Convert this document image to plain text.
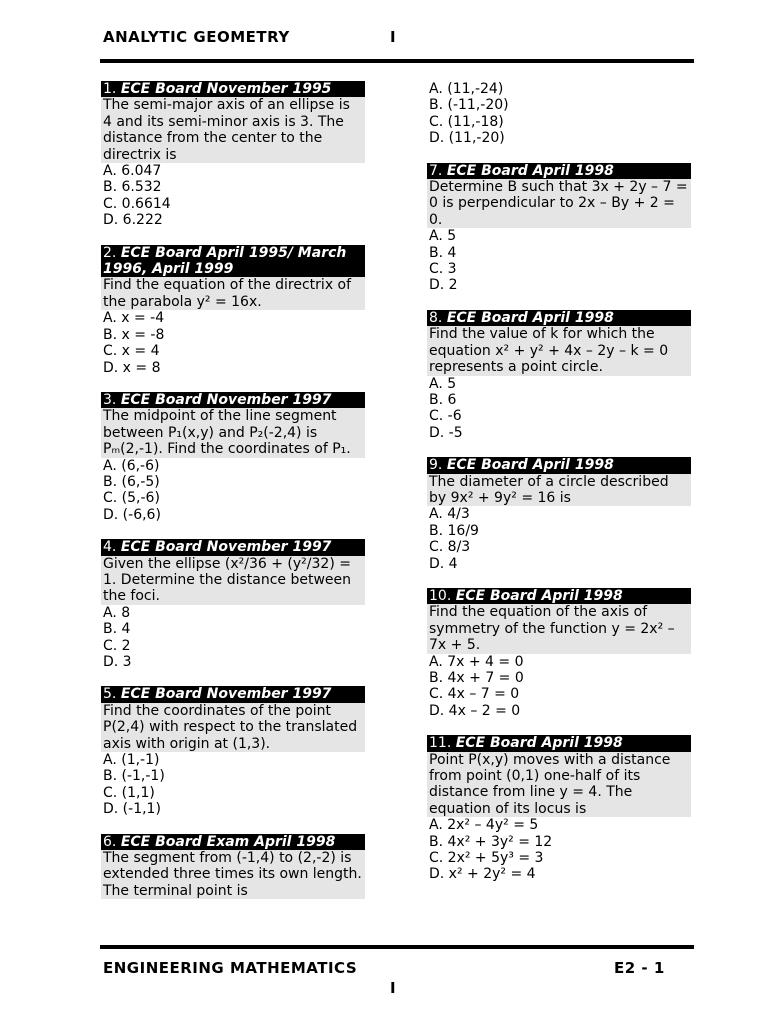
ANALYTIC GEOMETRY	I
1. ECE Board November 1995
The semi-major axis of an ellipse is 4 and its semi-minor axis is 3. The distance from the center to the directrix is
A. 6.047
B. 6.532
C. 0.6614
D. 6.222
2. ECE Board April 1995/ March 1996, April 1999
Find the equation of the directrix of the parabola y² = 16x.
A. x = -4
B. x = -8
C. x = 4
D. x = 8
3. ECE Board November 1997
The midpoint of the line segment between P₁(x,y) and P₂(-2,4) is Pₘ(2,-1). Find the coordinates of P₁.
A. (6,-6)
B. (6,-5)
C. (5,-6)
D. (-6,6)
4. ECE Board November 1997
Given the ellipse (x²/36 + (y²/32) = 1. Determine the distance between the foci.
A. 8
B. 4
C. 2
D. 3
5. ECE Board November 1997
Find the coordinates of the point P(2,4) with respect to the translated axis with origin at (1,3).
A. (1,-1)
B. (-1,-1)
C. (1,1)
D. (-1,1)
6. ECE Board Exam April 1998
The segment from (-1,4) to (2,-2) is extended three times its own length. The terminal point is
A. (11,-24)
B. (-11,-20)
C. (11,-18)
D. (11,-20)
7. ECE Board April 1998
Determine B such that 3x + 2y – 7 = 0 is perpendicular to 2x – By + 2 = 0.
A. 5
B. 4
C. 3
D. 2
8. ECE Board April 1998
Find the value of k for which the equation x² + y² + 4x – 2y – k = 0 represents a point circle.
A. 5
B. 6
C. -6
D. -5
9. ECE Board April 1998
The diameter of a circle described by 9x² + 9y² = 16 is
A. 4/3
B. 16/9
C. 8/3
D. 4
10. ECE Board April 1998
Find the equation of the axis of symmetry of the function y = 2x² – 7x + 5.
A. 7x + 4 = 0
B. 4x + 7 = 0
C. 4x – 7 = 0
D. 4x – 2 = 0
11. ECE Board April 1998
Point P(x,y) moves with a distance from point (0,1) one-half of its distance from line y = 4. The equation of its locus is
A. 2x² – 4y² = 5
B. 4x² + 3y² = 12
C. 2x² + 5y³ = 3
D. x² + 2y² = 4
ENGINEERING MATHEMATICS	E2 - 1
I
